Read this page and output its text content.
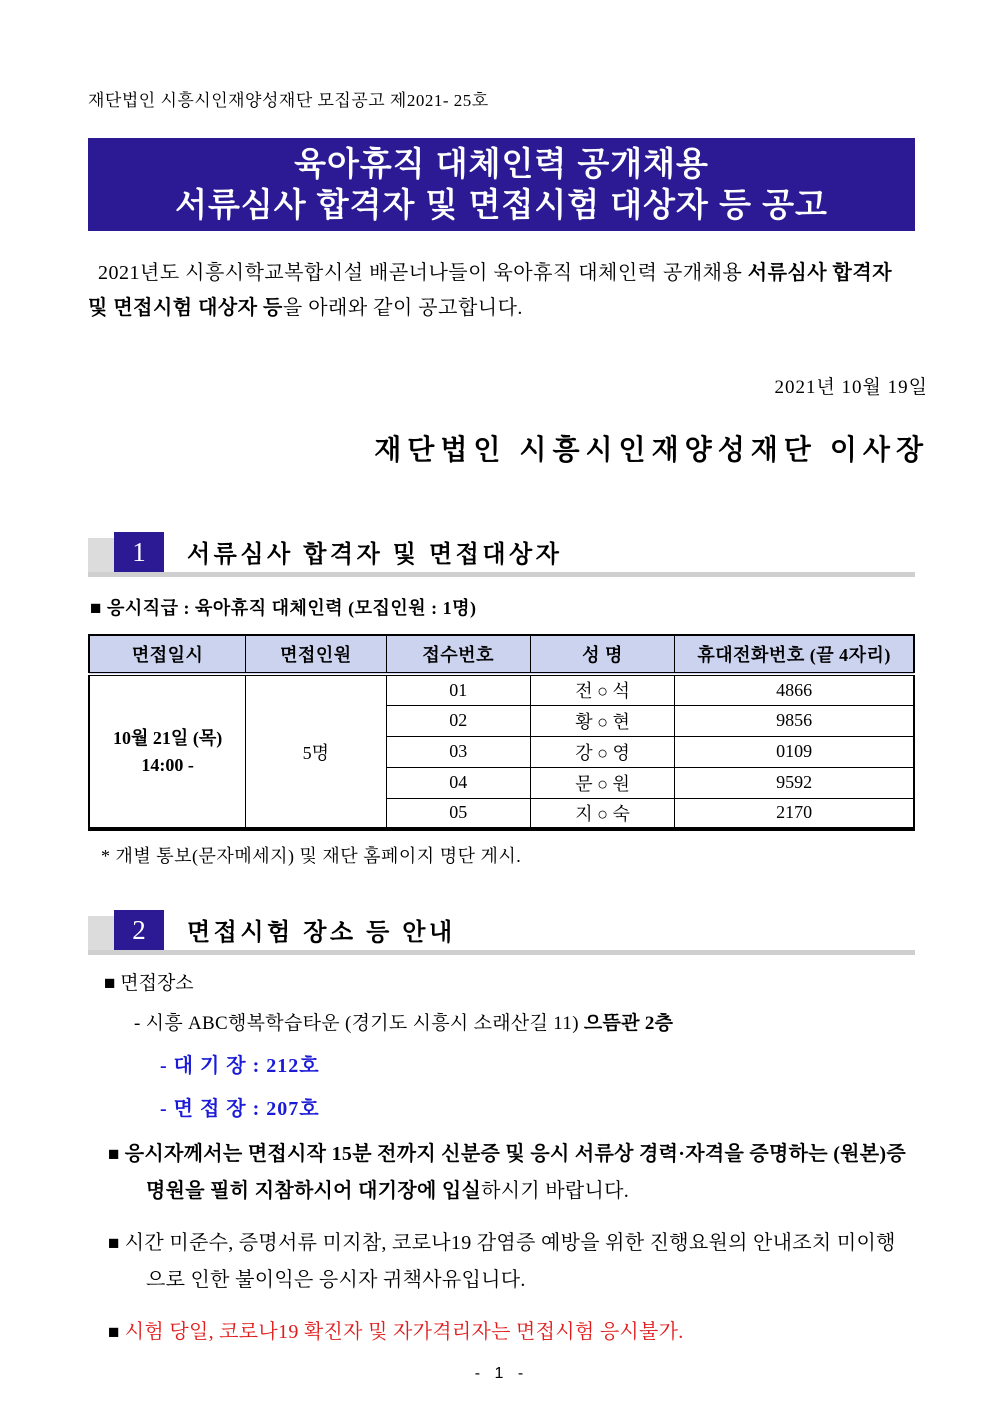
재단법인 시흥시인재양성재단 모집공고 제2021- 25호
육아휴직 대체인력 공개채용
서류심사 합격자 및 면접시험 대상자 등 공고

2021년도 시흥시학교복합시설 배곧너나들이 육아휴직 대체인력 공개채용 서류심사 합격자 및 면접시험 대상자 등을 아래와 같이 공고합니다.

2021년 10월 19일
재단법인 시흥시인재양성재단 이사장
1	서류심사 합격자 및 면접대상자
■ 응시직급 : 육아휴직 대체인력 (모집인원 : 1명)
면접일시	면접인원	접수번호	성 명	휴대전화번호 (끝 4자리)

10월 21일 (목)
14:00 -	5명	01	전 ○ 석	4866
		02	황 ○ 현	9856
		03	강 ○ 영	0109
		04	문 ○ 원	9592
		05	지 ○ 숙	2170
* 개별 통보(문자메세지) 및 재단 홈페이지 명단 게시.
2	면접시험 장소 등 안내
■ 면접장소
- 시흥 ABC행복학습타운 (경기도 시흥시 소래산길 11) 으뜸관 2층
- 대 기 장 : 212호
- 면 접 장 : 207호
■ 응시자께서는 면접시작 15분 전까지 신분증 및 응시 서류상 경력·자격을 증명하는 (원본)증명원을 필히 지참하시어 대기장에 입실하시기 바랍니다.
■ 시간 미준수, 증명서류 미지참, 코로나19 감염증 예방을 위한 진행요원의 안내조치 미이행으로 인한 불이익은 응시자 귀책사유입니다.
■ 시험 당일, 코로나19 확진자 및 자가격리자는 면접시험 응시불가.
- 1 -
